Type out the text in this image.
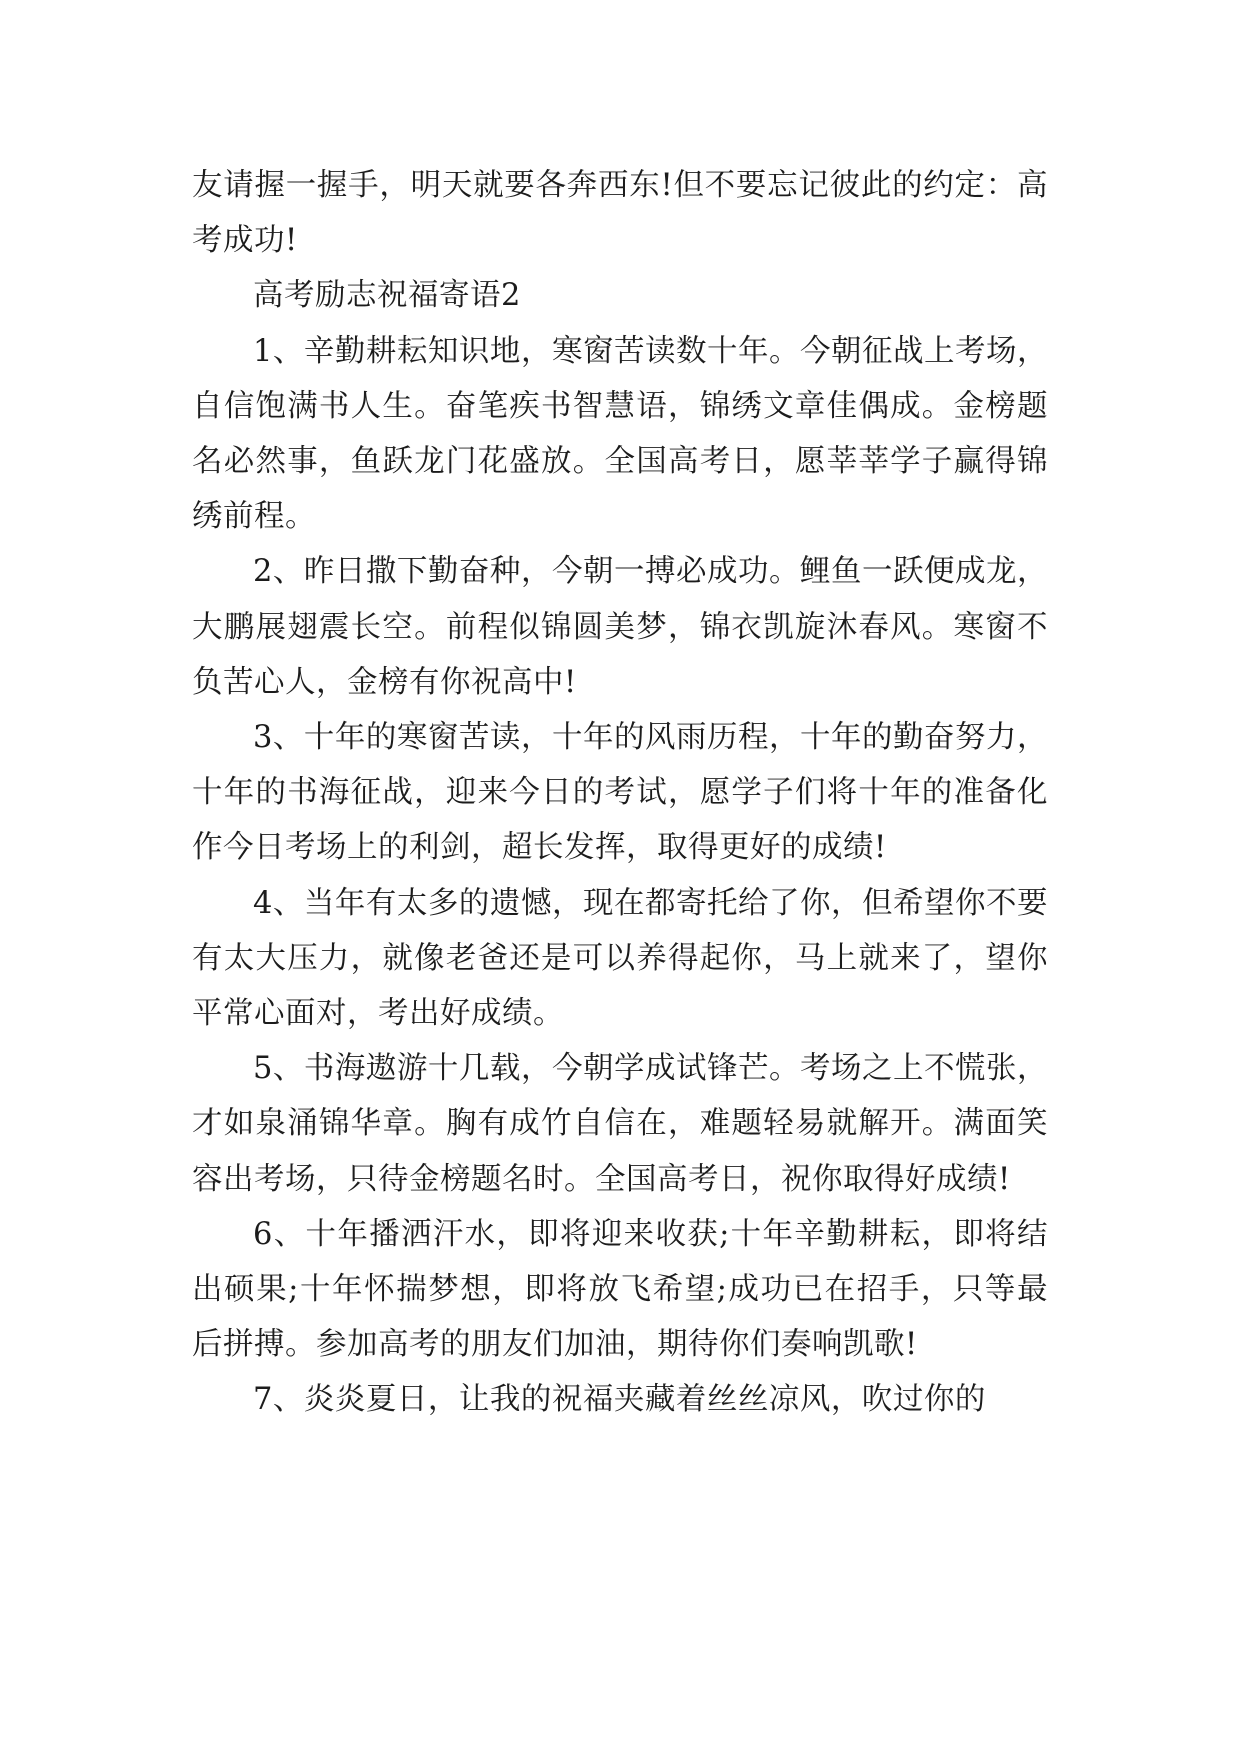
友请握一握手，明天就要各奔西东!但不要忘记彼此的约定：高考成功!

高考励志祝福寄语2

1、辛勤耕耘知识地，寒窗苦读数十年。今朝征战上考场，自信饱满书人生。奋笔疾书智慧语，锦绣文章佳偶成。金榜题名必然事，鱼跃龙门花盛放。全国高考日，愿莘莘学子赢得锦绣前程。

2、昨日撒下勤奋种，今朝一搏必成功。鲤鱼一跃便成龙，大鹏展翅震长空。前程似锦圆美梦，锦衣凯旋沐春风。寒窗不负苦心人，金榜有你祝高中!

3、十年的寒窗苦读，十年的风雨历程，十年的勤奋努力，十年的书海征战，迎来今日的考试，愿学子们将十年的准备化作今日考场上的利剑，超长发挥，取得更好的成绩!

4、当年有太多的遗憾，现在都寄托给了你，但希望你不要有太大压力，就像老爸还是可以养得起你，马上就来了，望你平常心面对，考出好成绩。

5、书海遨游十几载，今朝学成试锋芒。考场之上不慌张，才如泉涌锦华章。胸有成竹自信在，难题轻易就解开。满面笑容出考场，只待金榜题名时。全国高考日，祝你取得好成绩!

6、十年播洒汗水，即将迎来收获;十年辛勤耕耘，即将结出硕果;十年怀揣梦想，即将放飞希望;成功已在招手，只等最后拼搏。参加高考的朋友们加油，期待你们奏响凯歌!

7、炎炎夏日，让我的祝福夹藏着丝丝凉风，吹过你的
